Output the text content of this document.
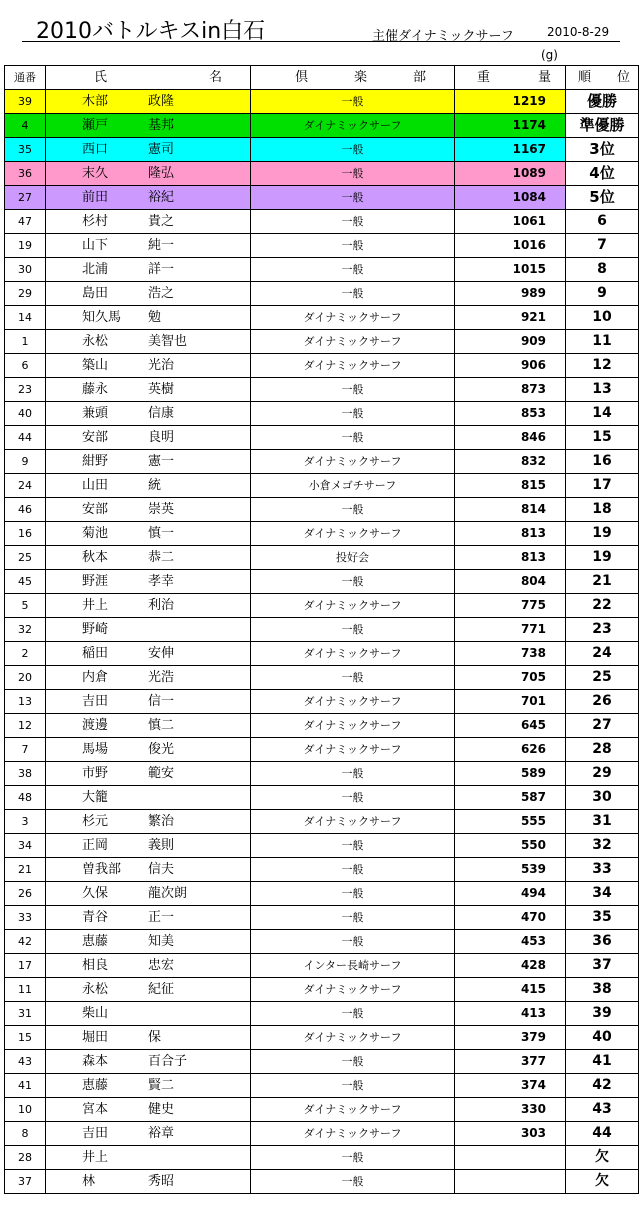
2010バトルキスin白石	主催ダイナミックサーフ	2010-8-29
(g)
通番	氏 名	倶 楽 部	重 量	順 位

39	木部 政隆	一般	1219	優勝
4	瀬戸 基邦	ダイナミックサーフ	1174	準優勝
35	西口 憲司	一般	1167	3位
36	末久 隆弘	一般	1089	4位
27	前田 裕紀	一般	1084	5位
47	杉村 貴之	一般	1061	6
19	山下 純一	一般	1016	7
30	北浦 詳一	一般	1015	8
29	島田 浩之	一般	989	9
14	知久馬 勉	ダイナミックサーフ	921	10
1	永松 美智也	ダイナミックサーフ	909	11
6	築山 光治	ダイナミックサーフ	906	12
23	藤永 英樹	一般	873	13
40	兼頭 信康	一般	853	14
44	安部 良明	一般	846	15
9	紺野 憲一	ダイナミックサーフ	832	16
24	山田 統	小倉メゴチサーフ	815	17
46	安部 崇英	一般	814	18
16	菊池 慎一	ダイナミックサーフ	813	19
25	秋本 恭二	投好会	813	19
45	野涯 孝幸	一般	804	21
5	井上 利治	ダイナミックサーフ	775	22
32	野崎	一般	771	23
2	稲田 安伸	ダイナミックサーフ	738	24
20	内倉 光浩	一般	705	25
13	吉田 信一	ダイナミックサーフ	701	26
12	渡邊 慎二	ダイナミックサーフ	645	27
7	馬場 俊光	ダイナミックサーフ	626	28
38	市野 範安	一般	589	29
48	大籠	一般	587	30
3	杉元 繁治	ダイナミックサーフ	555	31
34	正岡 義則	一般	550	32
21	曽我部 信夫	一般	539	33
26	久保 龍次朗	一般	494	34
33	青谷 正一	一般	470	35
42	恵藤 知美	一般	453	36
17	相良 忠宏	インター長崎サーフ	428	37
11	永松 紀征	ダイナミックサーフ	415	38
31	柴山	一般	413	39
15	堀田 保	ダイナミックサーフ	379	40
43	森本 百合子	一般	377	41
41	恵藤 賢二	一般	374	42
10	宮本 健史	ダイナミックサーフ	330	43
8	吉田 裕章	ダイナミックサーフ	303	44
28	井上	一般		欠
37	林 秀昭	一般		欠
